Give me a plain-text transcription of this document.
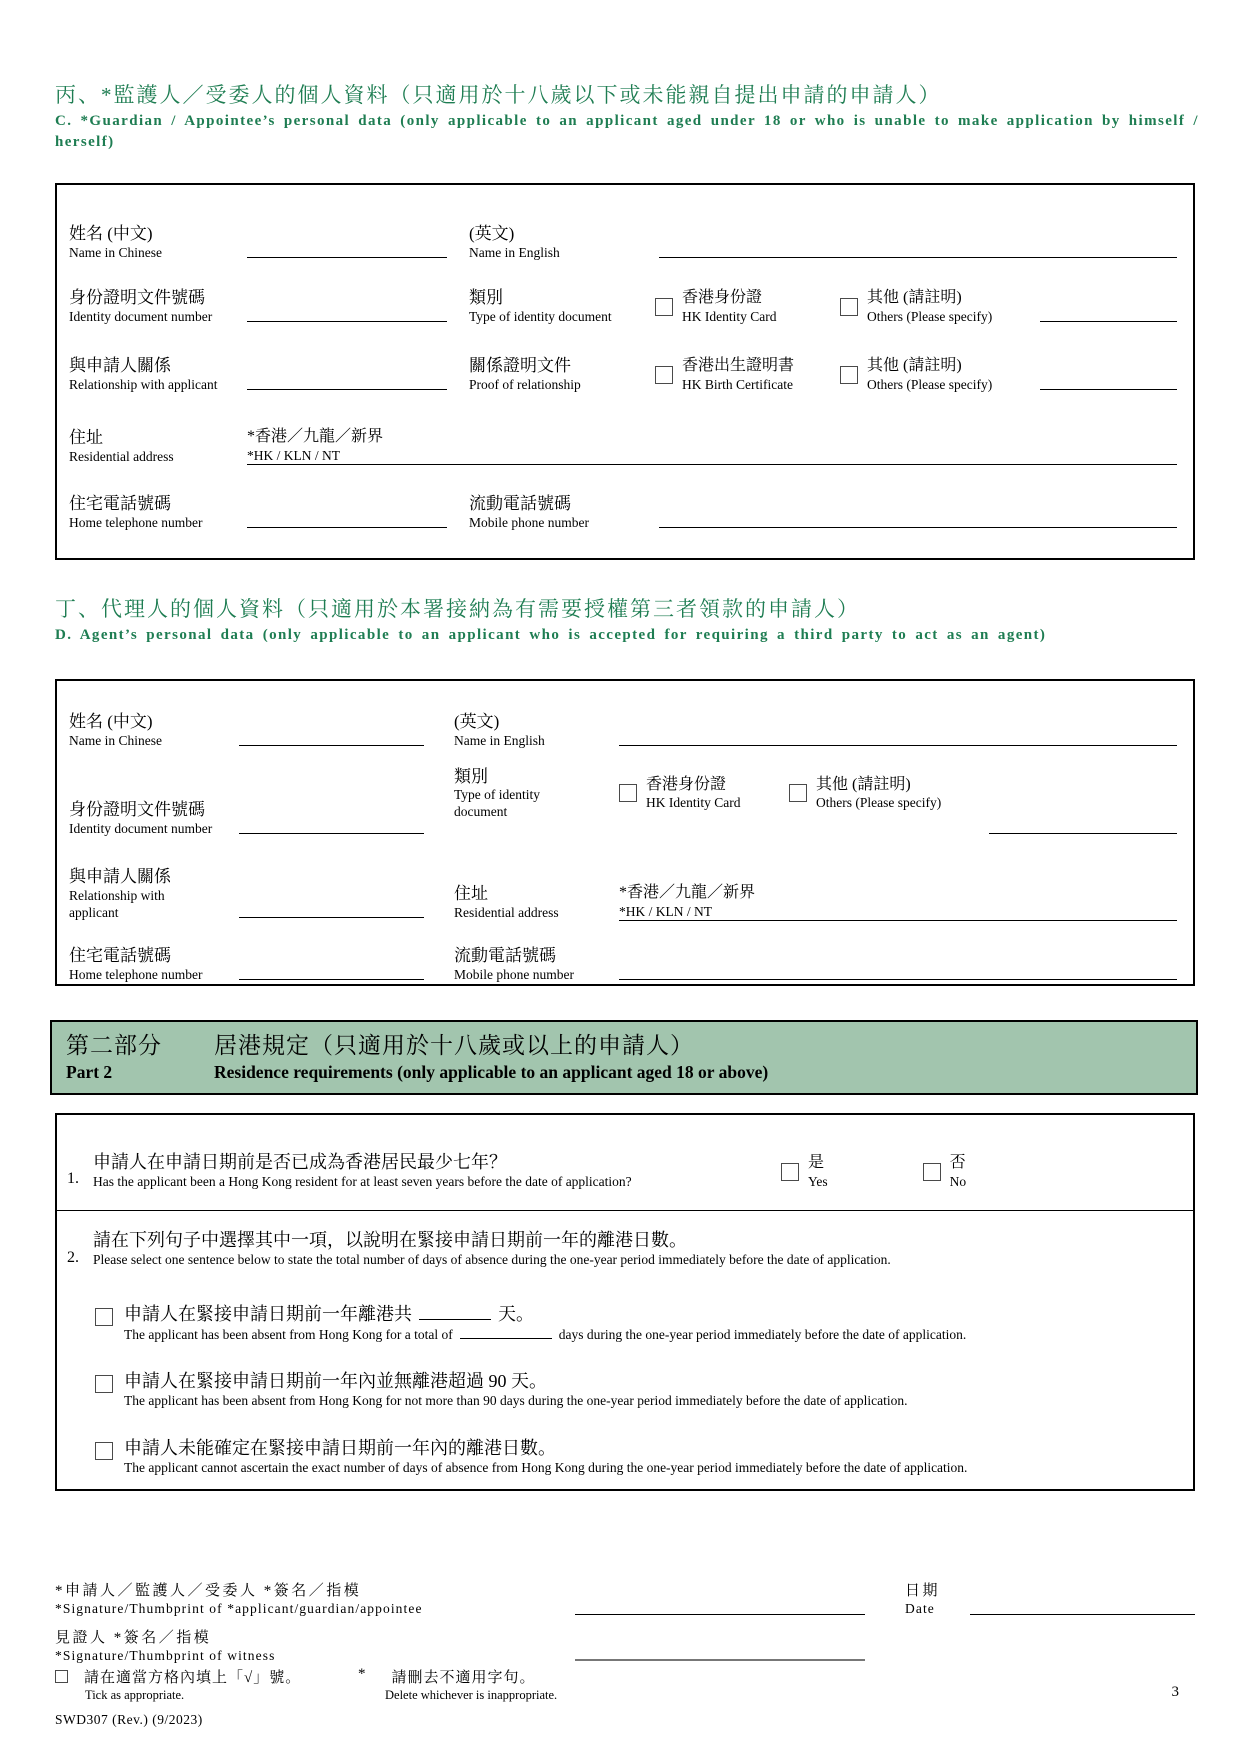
丙、*監護人／受委人的個人資料（只適用於十八歲以下或未能親自提出申請的申請人）
C. *Guardian / Appointee’s personal data (only applicable to an applicant aged under 18 or who is unable to make application by himself / herself)
姓名 (中文)
Name in Chinese
(英文)
Name in English
身份證明文件號碼
Identity document number
類別
Type of identity document
香港身份證
HK Identity Card
其他 (請註明)
Others (Please specify)
與申請人關係
Relationship with applicant
關係證明文件
Proof of relationship
香港出生證明書
HK Birth Certificate
其他 (請註明)
Others (Please specify)
住址
Residential address
*香港／九龍／新界
*HK / KLN / NT
住宅電話號碼
Home telephone number
流動電話號碼
Mobile phone number
丁、代理人的個人資料（只適用於本署接納為有需要授權第三者領款的申請人）
D. Agent’s personal data (only applicable to an applicant who is accepted for requiring a third party to act as an agent)
姓名 (中文)
Name in Chinese
(英文)
Name in English
身份證明文件號碼
Identity document number
類別
Type of identity document
香港身份證
HK Identity Card
其他 (請註明)
Others (Please specify)
與申請人關係
Relationship with applicant
住址
Residential address
*香港／九龍／新界
*HK / KLN / NT
住宅電話號碼
Home telephone number
流動電話號碼
Mobile phone number
第二部分	居港規定（只適用於十八歲或以上的申請人）
Part 2	Residence requirements (only applicable to an applicant aged 18 or above)
1.
申請人在申請日期前是否已成為香港居民最少七年？
Has the applicant been a Hong Kong resident for at least seven years before the date of application?
是
Yes
否
No
2.
請在下列句子中選擇其中一項，以說明在緊接申請日期前一年的離港日數。
Please select one sentence below to state the total number of days of absence during the one-year period immediately before the date of application.
申請人在緊接申請日期前一年離港共	天。
The applicant has been absent from Hong Kong for a total of	days during the one-year period immediately before the date of application.
申請人在緊接申請日期前一年內並無離港超過 90 天。
The applicant has been absent from Hong Kong for not more than 90 days during the one-year period immediately before the date of application.
申請人未能確定在緊接申請日期前一年內的離港日數。
The applicant cannot ascertain the exact number of days of absence from Hong Kong during the one-year period immediately before the date of application.
*申請人／監護人／受委人 *簽名／指模
*Signature/Thumbprint of *applicant/guardian/appointee
日期
Date
見證人 *簽名／指模
*Signature/Thumbprint of witness
請在適當方格內填上「√」號。	* 請刪去不適用字句。
Tick as appropriate.	Delete whichever is inappropriate.
SWD307 (Rev.) (9/2023)
3
